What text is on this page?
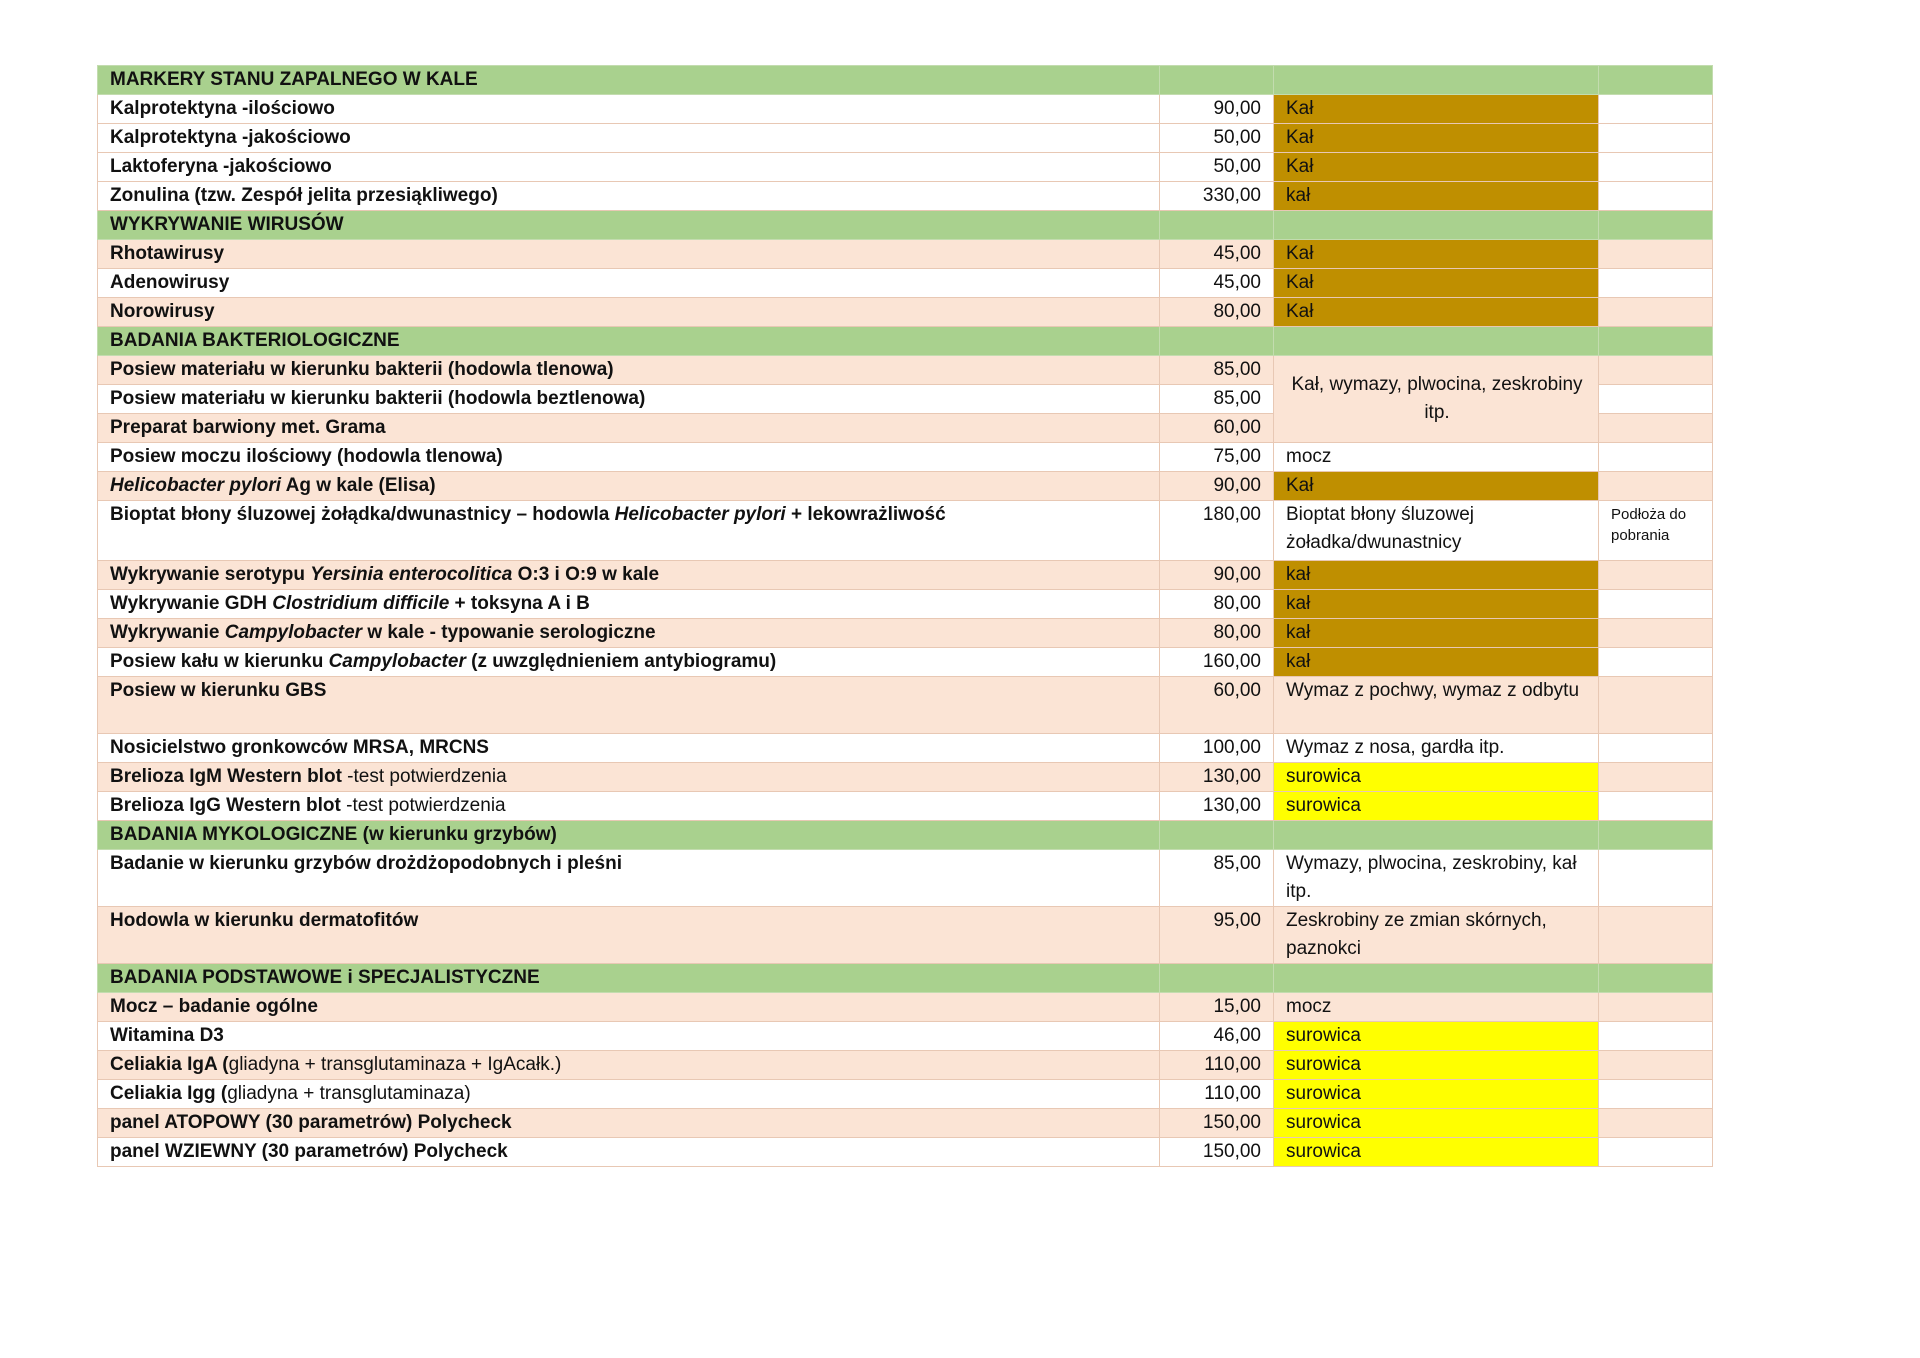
MARKERY STANU ZAPALNEGO W KALE			
Kalprotektyna -ilościowo	90,00	Kał	
Kalprotektyna -jakościowo	50,00	Kał	
Laktoferyna -jakościowo	50,00	Kał	
Zonulina (tzw. Zespół jelita przesiąkliwego)	330,00	kał	
WYKRYWANIE WIRUSÓW			
Rhotawirusy	45,00	Kał	
Adenowirusy	45,00	Kał	
Norowirusy	80,00	Kał	
BADANIA BAKTERIOLOGICZNE			
Posiew materiału w kierunku bakterii (hodowla tlenowa)	85,00	Kał, wymazy, plwocina, zeskrobiny itp.	
Posiew materiału w kierunku bakterii (hodowla beztlenowa)	85,00		
Preparat barwiony met. Grama	60,00		
Posiew moczu ilościowy (hodowla tlenowa)	75,00	mocz	
Helicobacter pylori Ag w kale (Elisa)	90,00	Kał	
Bioptat błony śluzowej żołądka/dwunastnicy – hodowla Helicobacter pylori + lekowrażliwość	180,00	Bioptat błony śluzowej żoładka/dwunastnicy	Podłoża do pobrania
Wykrywanie serotypu Yersinia enterocolitica O:3 i O:9 w kale	90,00	kał	
Wykrywanie GDH Clostridium difficile + toksyna A i B	80,00	kał	
Wykrywanie Campylobacter w kale - typowanie serologiczne	80,00	kał	
Posiew kału w kierunku Campylobacter (z uwzględnieniem antybiogramu)	160,00	kał	
Posiew w kierunku GBS	60,00	Wymaz z pochwy, wymaz z odbytu	
Nosicielstwo gronkowców MRSA, MRCNS	100,00	Wymaz z nosa, gardła itp.	
Brelioza IgM Western blot -test potwierdzenia	130,00	surowica	
Brelioza IgG Western blot -test potwierdzenia	130,00	surowica	
BADANIA MYKOLOGICZNE (w kierunku grzybów)			
Badanie w kierunku grzybów drożdżopodobnych i pleśni	85,00	Wymazy, plwocina, zeskrobiny, kał itp.	
Hodowla w kierunku dermatofitów	95,00	Zeskrobiny ze zmian skórnych, paznokci	
BADANIA PODSTAWOWE i SPECJALISTYCZNE			
Mocz – badanie ogólne	15,00	mocz	
Witamina D3	46,00	surowica	
Celiakia IgA (gliadyna + transglutaminaza + IgAcałk.)	110,00	surowica	
Celiakia Igg (gliadyna + transglutaminaza)	110,00	surowica	
panel ATOPOWY (30 parametrów) Polycheck	150,00	surowica	
panel WZIEWNY (30 parametrów) Polycheck	150,00	surowica	
